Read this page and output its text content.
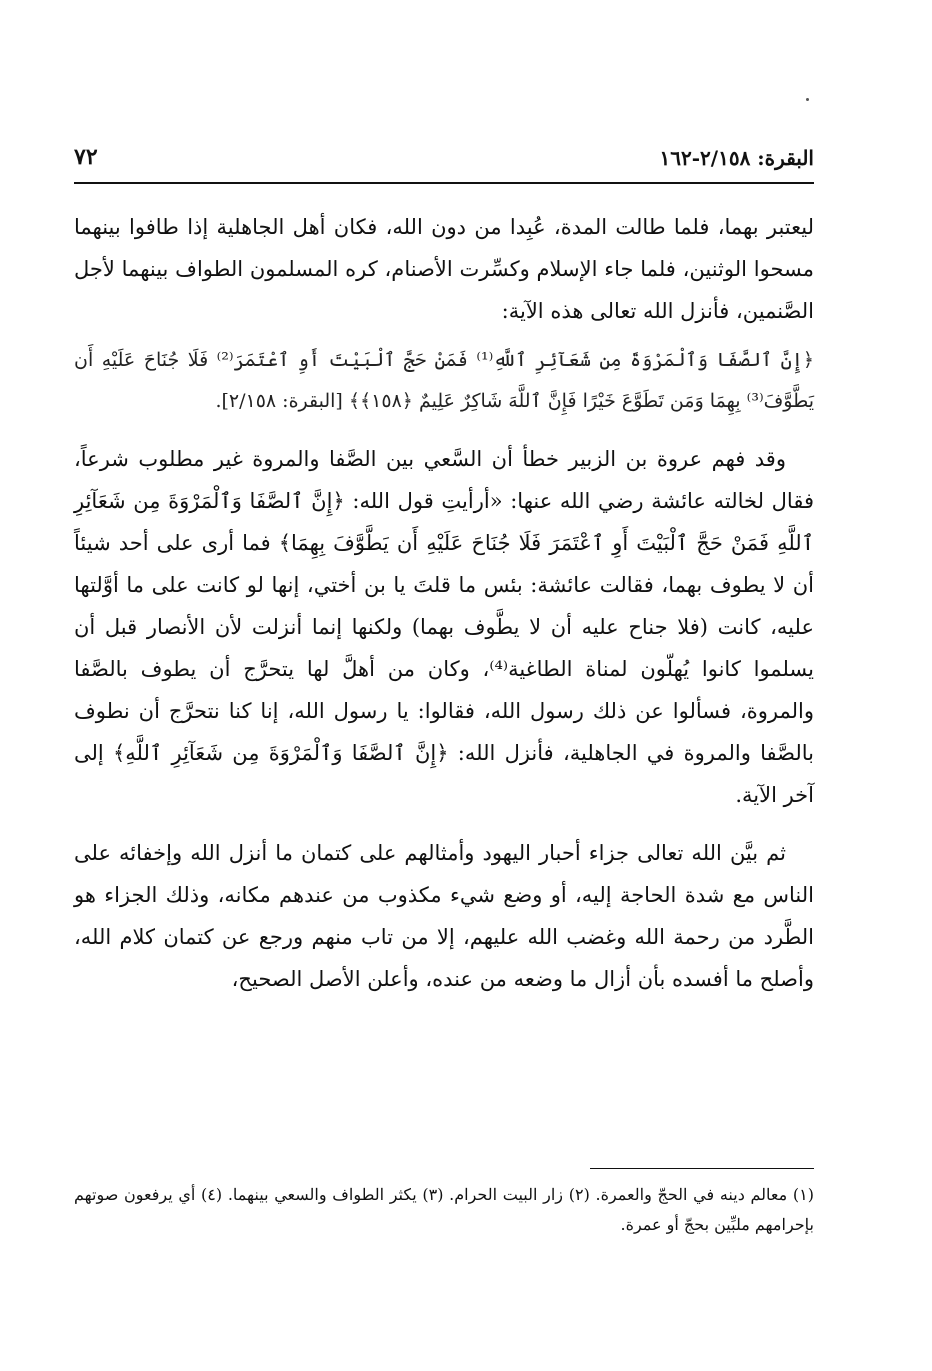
البقرة: ٢/١٥٨-١٦٢
٧٢

ليعتبر بهما، فلما طالت المدة، عُبِدا من دون الله، فكان أهل الجاهلية إذا طافوا بينهما مسحوا الوثنين، فلما جاء الإسلام وكسِّرت الأصنام، كره المسلمون الطواف بينهما لأجل الصَّنمين، فأنزل الله تعالى هذه الآية:

﴿إِنَّ ٱلصَّفَا وَٱلْمَرْوَةَ مِن شَعَآئِرِ ٱللَّهِ⁽¹⁾ فَمَنْ حَجَّ ٱلْبَيْتَ أَوِ ٱعْتَمَرَ⁽²⁾ فَلَا جُنَاحَ عَلَيْهِ أَن يَطَّوَّفَ⁽³⁾ بِهِمَا وَمَن تَطَوَّعَ خَيْرًا فَإِنَّ ٱللَّهَ شَاكِرٌ عَلِيمٌ ﴿١٥٨﴾﴾ [البقرة: ٢/١٥٨].

وقد فهم عروة بن الزبير خطأ أن السَّعي بين الصَّفا والمروة غير مطلوب شرعاً، فقال لخالته عائشة رضي الله عنها: «أرأيتِ قول الله: ﴿إِنَّ ٱلصَّفَا وَٱلْمَرْوَةَ مِن شَعَآئِرِ ٱللَّهِ فَمَنْ حَجَّ ٱلْبَيْتَ أَوِ ٱعْتَمَرَ فَلَا جُنَاحَ عَلَيْهِ أَن يَطَّوَّفَ بِهِمَا﴾ فما أرى على أحد شيئاً أن لا يطوف بهما، فقالت عائشة: بئس ما قلتَ يا بن أختي، إنها لو كانت على ما أوَّلتها عليه، كانت (فلا جناح عليه أن لا يطَّوف بهما) ولكنها إنما أنزلت لأن الأنصار قبل أن يسلموا كانوا يُهلّون لمناة الطاغية⁽⁴⁾، وكان من أهلَّ لها يتحرَّج أن يطوف بالصَّفا والمروة، فسألوا عن ذلك رسول الله، فقالوا: يا رسول الله، إنا كنا نتحرَّج أن نطوف بالصَّفا والمروة في الجاهلية، فأنزل الله: ﴿إِنَّ ٱلصَّفَا وَٱلْمَرْوَةَ مِن شَعَآئِرِ ٱللَّهِ﴾ إلى آخر الآية.

ثم بيَّن الله تعالى جزاء أحبار اليهود وأمثالهم على كتمان ما أنزل الله وإخفائه على الناس مع شدة الحاجة إليه، أو وضع شيء مكذوب من عندهم مكانه، وذلك الجزاء هو الطَّرد من رحمة الله وغضب الله عليهم، إلا من تاب منهم ورجع عن كتمان كلام الله، وأصلح ما أفسده بأن أزال ما وضعه من عنده، وأعلن الأصل الصحيح،

(١) معالم دينه في الحجّ والعمرة. (٢) زار البيت الحرام. (٣) يكثر الطواف والسعي بينهما. (٤) أي يرفعون صوتهم بإحرامهم ملبِّين بحجّ أو عمرة.
